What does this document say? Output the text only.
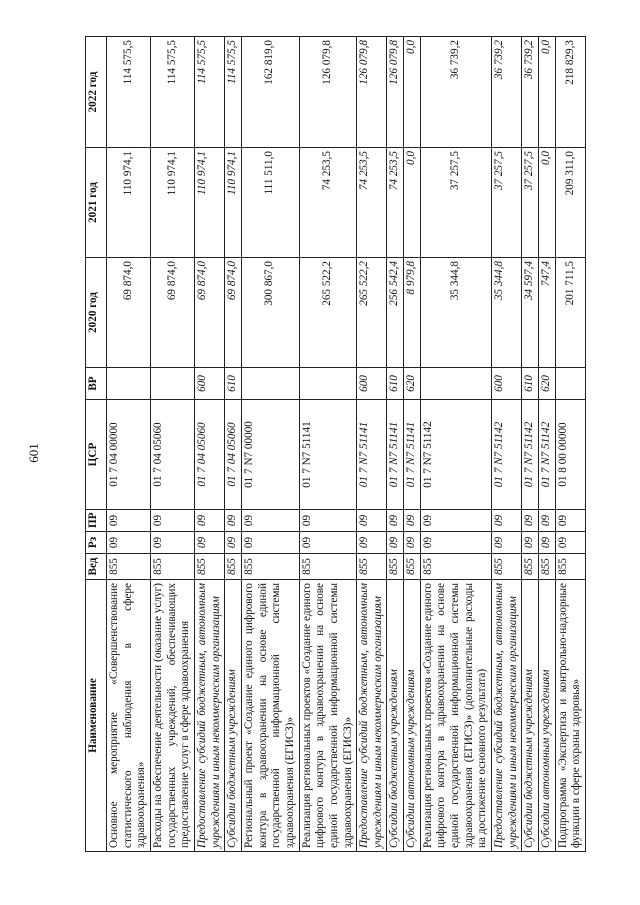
601
Наименование	Вед	Рз	ПР	ЦСР	ВР	2020 год	2021 год	2022 год
Основное мероприятие «Совершенствование статистического наблюдения в сфере здравоохранения»	855	09	09	01 7 04 00000		69 874,0	110 974,1	114 575,5
Расходы на обеспечение деятельности (оказание услуг) государственных учреждений, обеспечивающих предоставление услуг в сфере здравоохранения	855	09	09	01 7 04 05060		69 874,0	110 974,1	114 575,5
Предоставление субсидий бюджетным, автономным учреждениям и иным некоммерческим организациям	855	09	09	01 7 04 05060	600	69 874,0	110 974,1	114 575,5
Субсидии бюджетным учреждениям	855	09	09	01 7 04 05060	610	69 874,0	110 974,1	114 575,5
Региональный проект «Создание единого цифрового контура в здравоохранении на основе единой государственной информационной системы здравоохранения (ЕГИСЗ)»	855	09	09	01 7 N7 00000		300 867,0	111 511,0	162 819,0
Реализация региональных проектов «Создание единого цифрового контура в здравоохранении на основе единой государственной информационной системы здравоохранения (ЕГИСЗ)»	855	09	09	01 7 N7 51141		265 522,2	74 253,5	126 079,8
Предоставление субсидий бюджетным, автономным учреждениям и иным некоммерческим организациям	855	09	09	01 7 N7 51141	600	265 522,2	74 253,5	126 079,8
Субсидии бюджетным учреждениям	855	09	09	01 7 N7 51141	610	256 542,4	74 253,5	126 079,8
Субсидии автономным учреждениям	855	09	09	01 7 N7 51141	620	8 979,8	0,0	0,0
Реализация региональных проектов «Создание единого цифрового контура в здравоохранении на основе единой государственной информационной системы здравоохранения (ЕГИСЗ)» (дополнительные расходы на достижение основного результата)	855	09	09	01 7 N7 51142		35 344,8	37 257,5	36 739,2
Предоставление субсидий бюджетным, автономным учреждениям и иным некоммерческим организациям	855	09	09	01 7 N7 51142	600	35 344,8	37 257,5	36 739,2
Субсидии бюджетным учреждениям	855	09	09	01 7 N7 51142	610	34 597,4	37 257,5	36 739,2
Субсидии автономным учреждениям	855	09	09	01 7 N7 51142	620	747,4	0,0	0,0
Подпрограмма «Экспертиза и контрольно-надзорные функции в сфере охраны здоровья»	855	09	09	01 8 00 00000		201 711,5	209 311,0	218 829,3
